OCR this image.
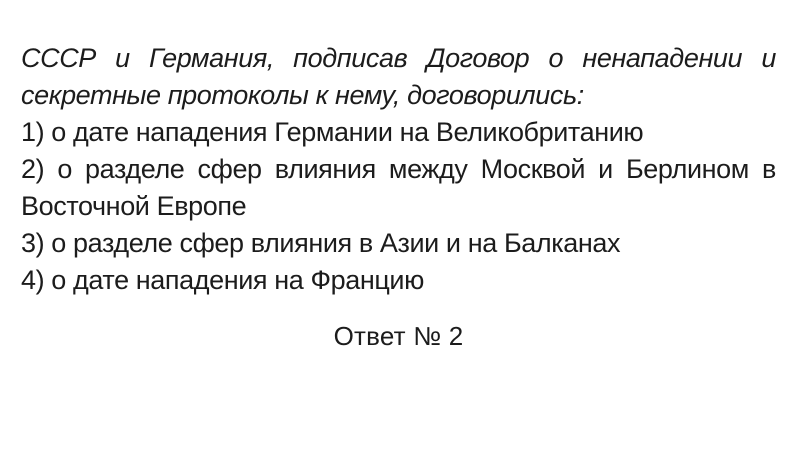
СССР и Германия, подписав Договор о ненападении и секретные протоколы к нему, договорились:

1) о дате нападения Германии на Великобританию

2) о разделе сфер влияния между Москвой и Берлином в Восточной Европе

3) о разделе сфер влияния в Азии и на Балканах

4) о дате нападения на Францию

Ответ № 2
